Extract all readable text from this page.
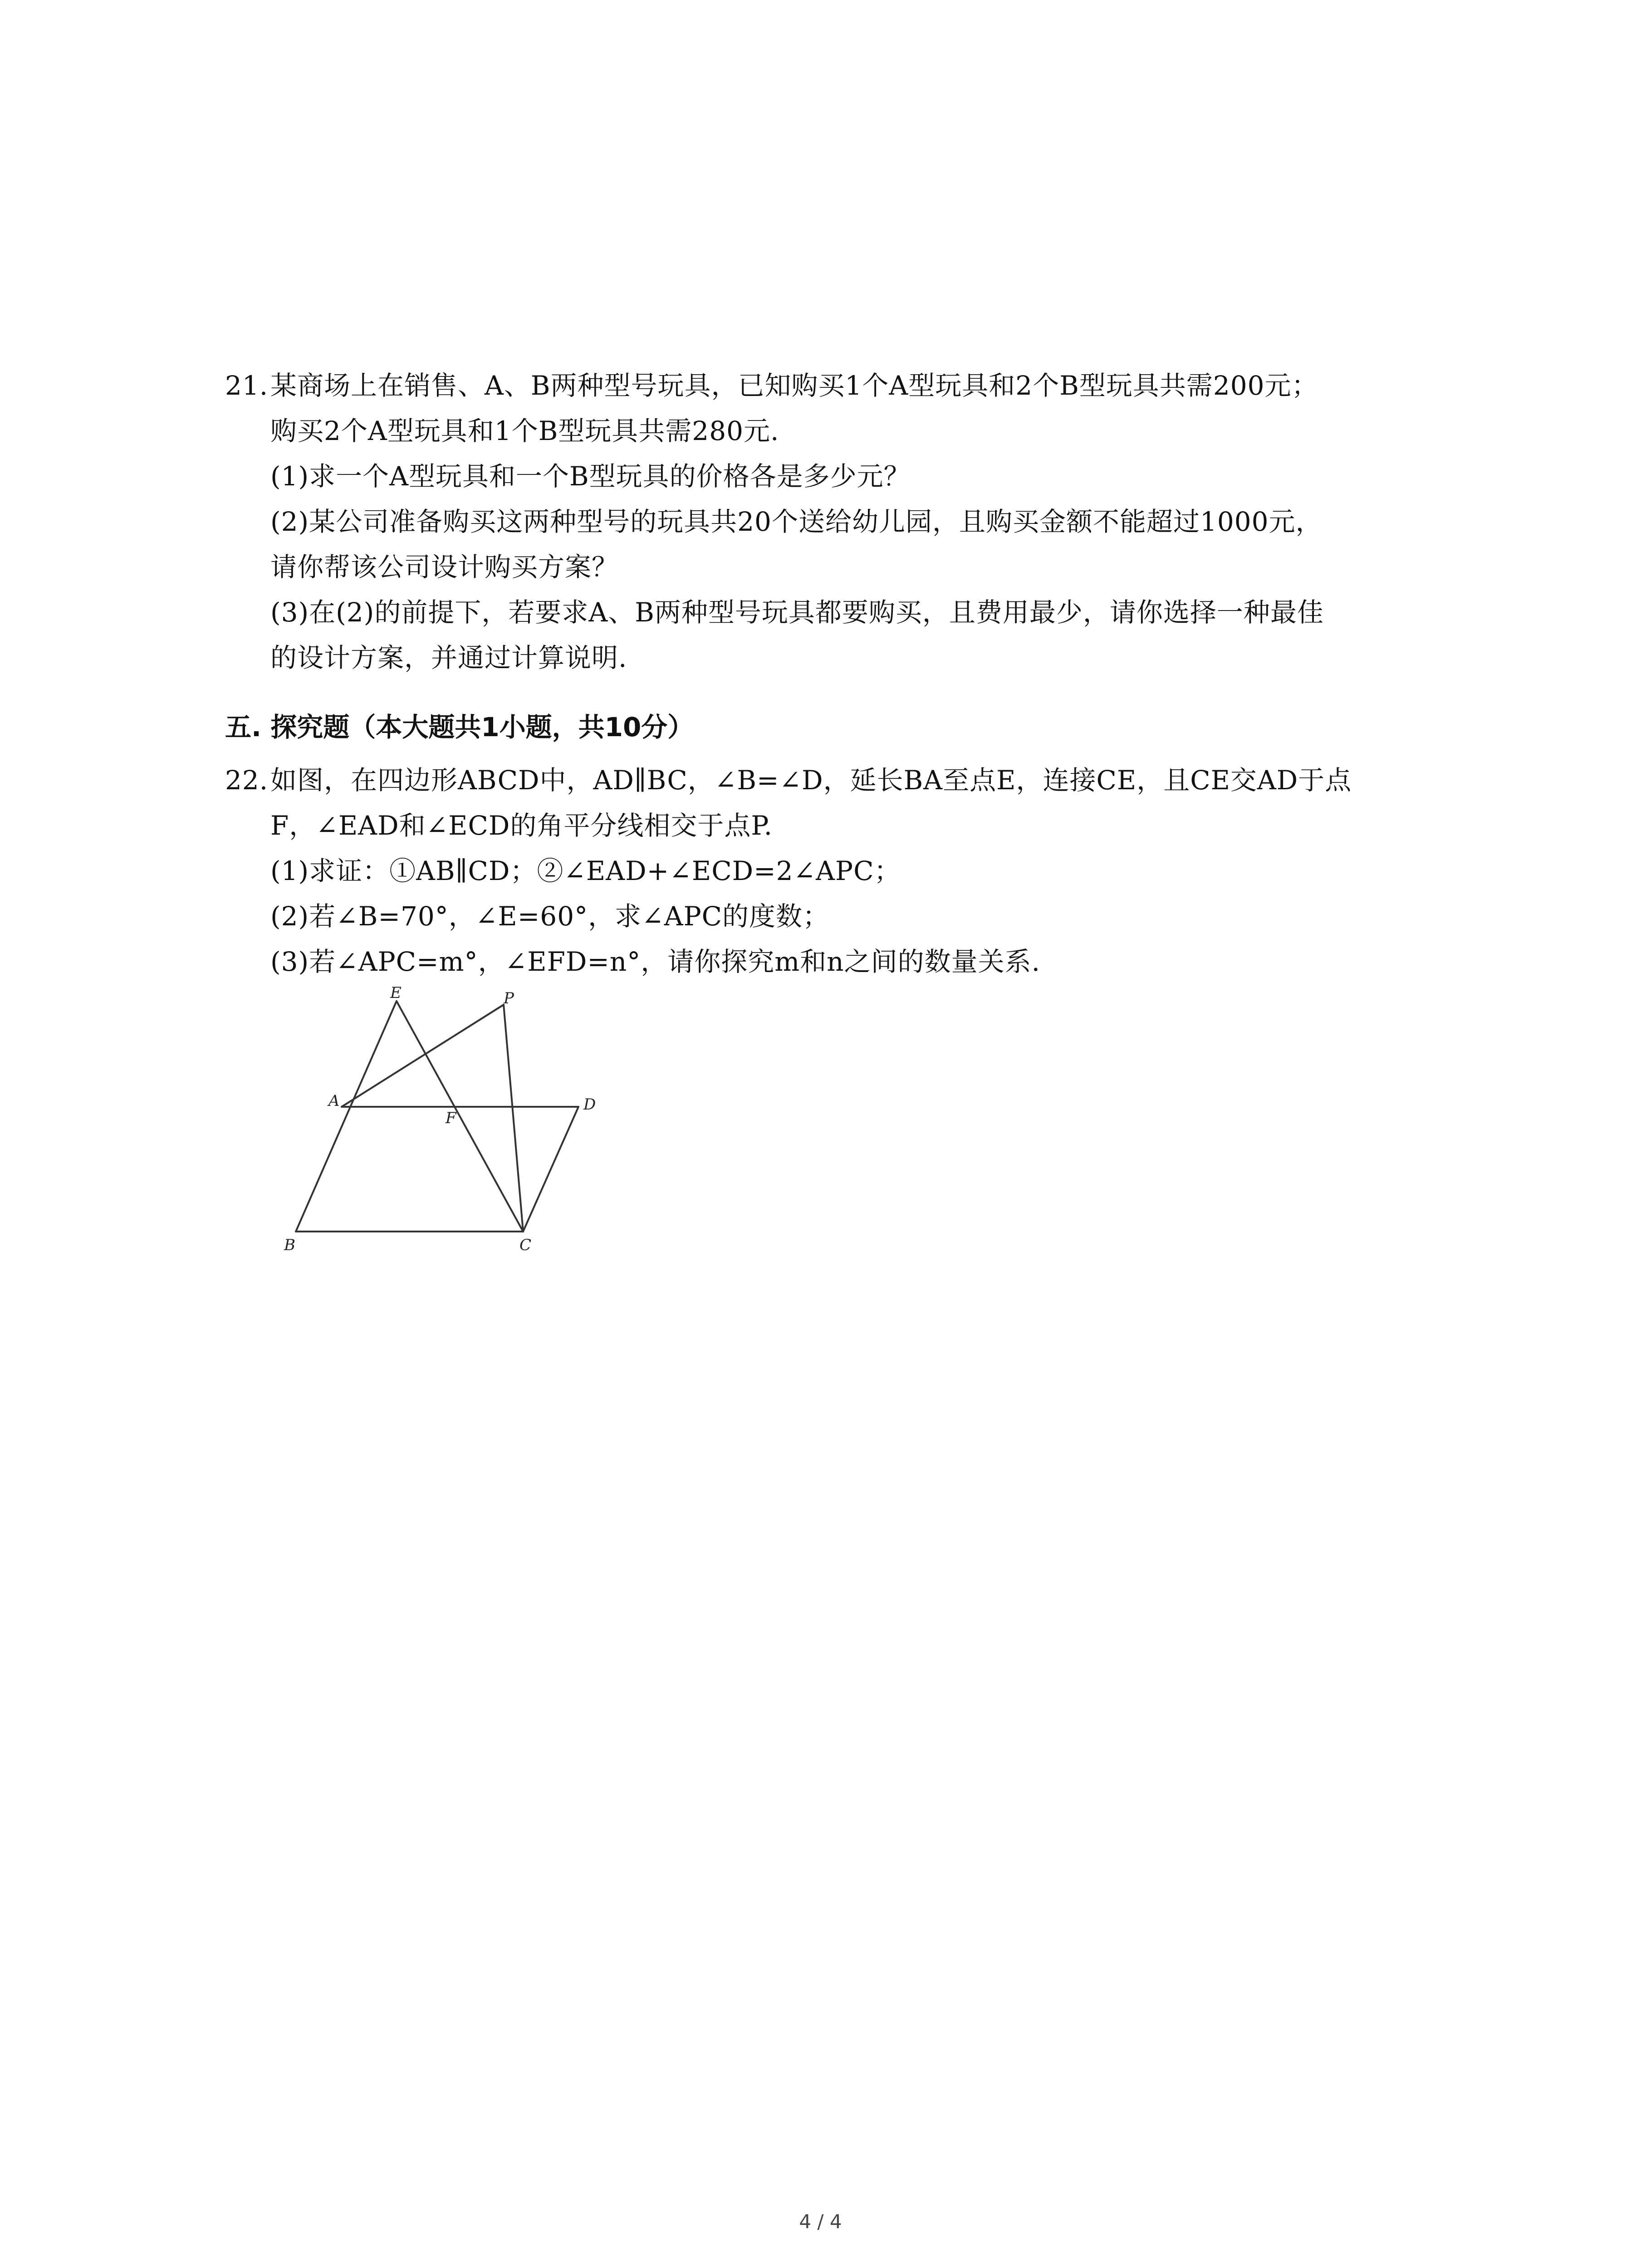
21.某商场上在销售、A、B两种型号玩具，已知购买1个A型玩具和2个B型玩具共需200元；
购买2个A型玩具和1个B型玩具共需280元.
(1)求一个A型玩具和一个B型玩具的价格各是多少元？
(2)某公司准备购买这两种型号的玩具共20个送给幼儿园，且购买金额不能超过1000元，
请你帮该公司设计购买方案？
(3)在(2)的前提下，若要求A、B两种型号玩具都要购买，且费用最少，请你选择一种最佳
的设计方案，并通过计算说明.
五. 探究题（本大题共1小题，共10分）
22.如图，在四边形ABCD中，AD∥BC，∠B=∠D，延长BA至点E，连接CE，且CE交AD于点
F，∠EAD和∠ECD的角平分线相交于点P.
(1)求证：①AB∥CD；②∠EAD+∠ECD=2∠APC；
(2)若∠B=70°，∠E=60°，求∠APC的度数；
(3)若∠APC=m°，∠EFD=n°，请你探究m和n之间的数量关系.
E	P
A
F
D
B	C
4 / 4
